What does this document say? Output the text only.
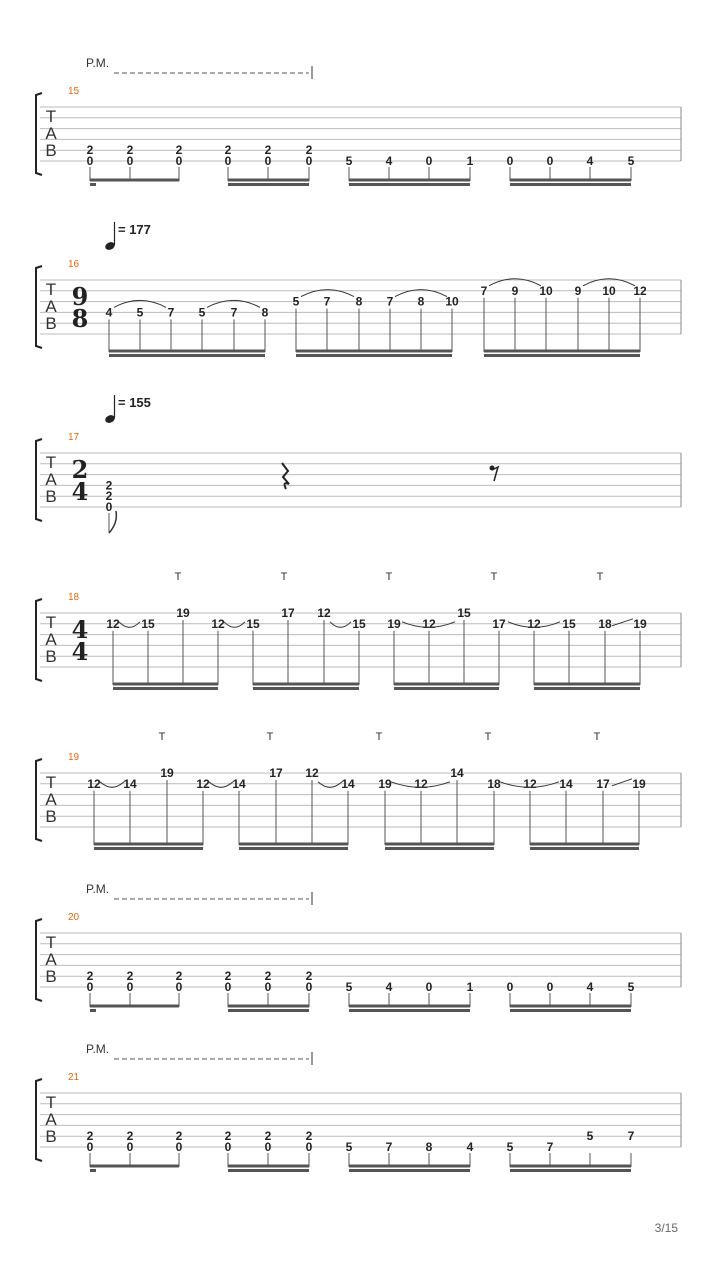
T
A
B
15
P.M.
2
0
2
0
2
0
2
0
2
0
2
0	5	4	0	1	0	0	4	5
T
A
B
16
= 177
9
8 4 5 7 5 7 8
5 7 8 7 8 10
7 9 10 9 10 12
T
A
B
17
= 155
2
4 2
2
0
T
A
B
18
4
4
T	T	T	T	T
12 15
19
12 15
17 12
15 19 12
15
17 12 15 18 19
T
A
B
19
T	T	T	T	T
12 14
19
12 14
17 12
14 19 12
14
18 12 14 17 19
T
A
B
20
P.M.
2
0
2
0
2
0
2
0
2
0
2
0	5	4	0	1	0	0	4	5
T
A
B
21
P.M.
2
0
2
0
2
0
2
0
2
0
2
0	5	7	8	4	5	7
5	7
3/15
